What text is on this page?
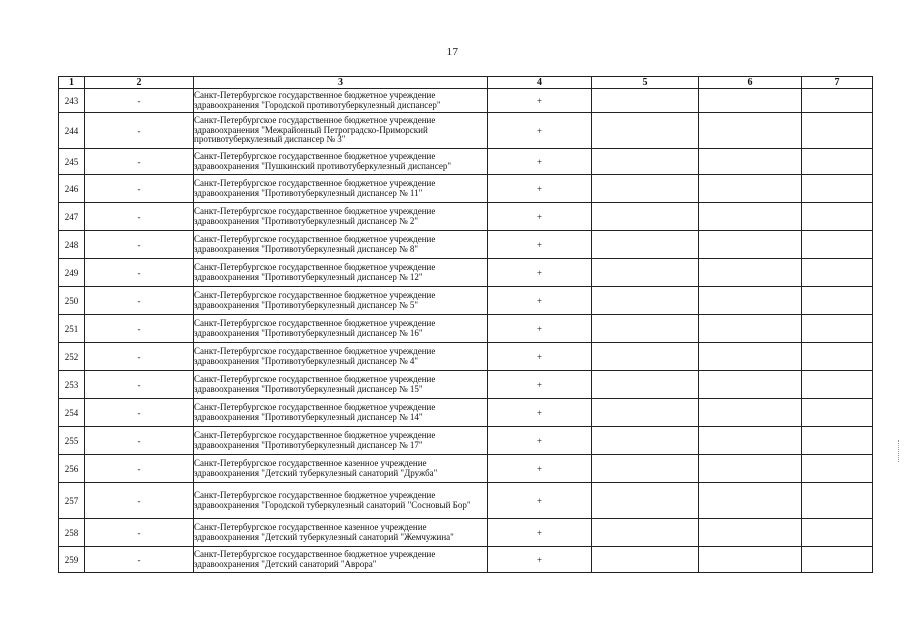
17
1	2	3	4	5	6	7
243	-	Санкт-Петербургское государственное бюджетное учреждение здравоохранения "Городской противотуберкулезный диспансер"	+			
244	-	Санкт-Петербургское государственное бюджетное учреждение здравоохранения "Межрайонный Петроградско-Приморский противотуберкулезный диспансер № 3"	+			
245	-	Санкт-Петербургское государственное бюджетное учреждение здравоохранения "Пушкинский противотуберкулезный диспансер"	+			
246	-	Санкт-Петербургское государственное бюджетное учреждение здравоохранения "Противотуберкулезный диспансер № 11"	+			
247	-	Санкт-Петербургское государственное бюджетное учреждение здравоохранения "Противотуберкулезный диспансер № 2"	+			
248	-	Санкт-Петербургское государственное бюджетное учреждение здравоохранения "Противотуберкулезный диспансер № 8"	+			
249	-	Санкт-Петербургское государственное бюджетное учреждение здравоохранения "Противотуберкулезный диспансер № 12"	+			
250	-	Санкт-Петербургское государственное бюджетное учреждение здравоохранения "Противотуберкулезный диспансер № 5"	+			
251	-	Санкт-Петербургское государственное бюджетное учреждение здравоохранения "Противотуберкулезный диспансер № 16"	+			
252	-	Санкт-Петербургское государственное бюджетное учреждение здравоохранения "Противотуберкулезный диспансер № 4"	+			
253	-	Санкт-Петербургское государственное бюджетное учреждение здравоохранения "Противотуберкулезный диспансер № 15"	+			
254	-	Санкт-Петербургское государственное бюджетное учреждение здравоохранения "Противотуберкулезный диспансер № 14"	+			
255	-	Санкт-Петербургское государственное бюджетное учреждение здравоохранения "Противотуберкулезный диспансер № 17"	+			
256	-	Санкт-Петербургское государственное казенное учреждение здравоохранения "Детский туберкулезный санаторий "Дружба"	+			
257	-	Санкт-Петербургское государственное бюджетное учреждение здравоохранения "Городской туберкулезный санаторий "Сосновый Бор"	+			
258	-	Санкт-Петербургское государственное казенное учреждение здравоохранения "Детский туберкулезный санаторий "Жемчужина"	+			
259	-	Санкт-Петербургское государственное бюджетное учреждение здравоохранения "Детский санаторий "Аврора"	+			
